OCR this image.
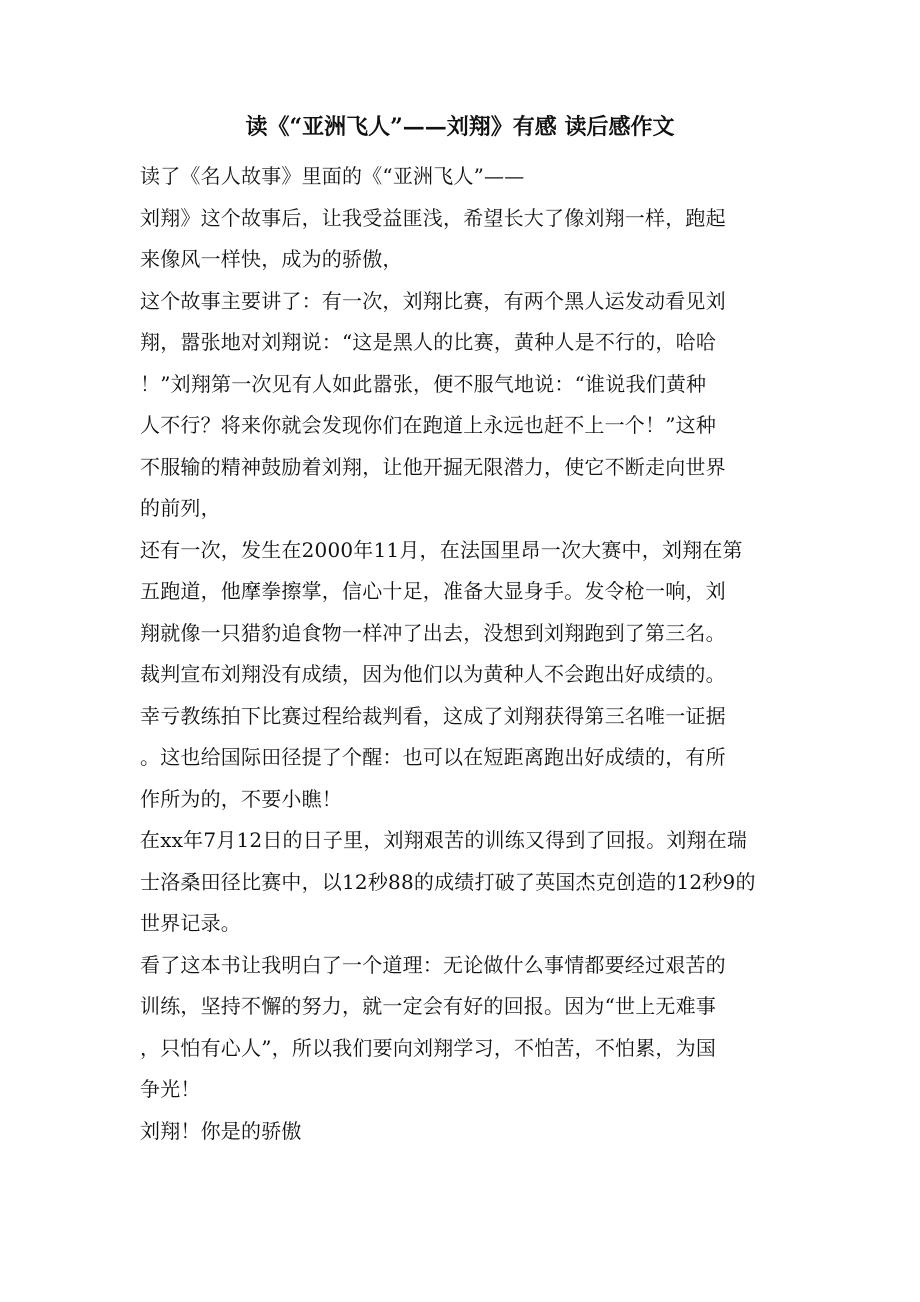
读《“亚洲飞人”——刘翔》有感 读后感作文
读了《名人故事》里面的《“亚洲飞人”——
刘翔》这个故事后，让我受益匪浅，希望长大了像刘翔一样，跑起
来像风一样快，成为的骄傲，
这个故事主要讲了：有一次，刘翔比赛，有两个黑人运发动看见刘
翔，嚣张地对刘翔说：“这是黑人的比赛，黄种人是不行的，哈哈
！”刘翔第一次见有人如此嚣张，便不服气地说：“谁说我们黄种
人不行？将来你就会发现你们在跑道上永远也赶不上一个！”这种
不服输的精神鼓励着刘翔，让他开掘无限潜力，使它不断走向世界
的前列，
还有一次，发生在2000年11月，在法国里昂一次大赛中，刘翔在第
五跑道，他摩拳擦掌，信心十足，准备大显身手。发令枪一响，刘
翔就像一只猎豹追食物一样冲了出去，没想到刘翔跑到了第三名。
裁判宣布刘翔没有成绩，因为他们以为黄种人不会跑出好成绩的。
幸亏教练拍下比赛过程给裁判看，这成了刘翔获得第三名唯一证据
。这也给国际田径提了个醒：也可以在短距离跑出好成绩的，有所
作所为的，不要小瞧！
在xx年7月12日的日子里，刘翔艰苦的训练又得到了回报。刘翔在瑞
士洛桑田径比赛中，以12秒88的成绩打破了英国杰克创造的12秒9的
世界记录。
看了这本书让我明白了一个道理：无论做什么事情都要经过艰苦的
训练，坚持不懈的努力，就一定会有好的回报。因为“世上无难事
，只怕有心人”，所以我们要向刘翔学习，不怕苦，不怕累，为国
争光！
刘翔！你是的骄傲
